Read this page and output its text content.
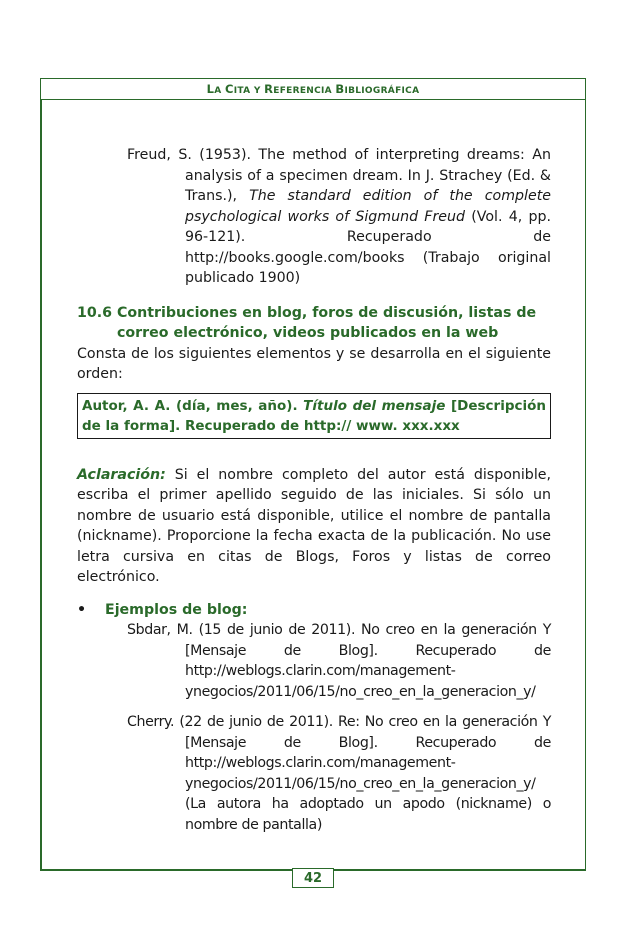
LA CITA Y REFERENCIA BIBLIOGRÁFICA

Freud, S. (1953). The method of interpreting dreams: An analysis of a specimen dream. In J. Strachey (Ed. & Trans.), The standard edition of the complete psychological works of Sigmund Freud (Vol. 4, pp. 96-121). Recuperado de http://books.google.com/books (Trabajo original publicado 1900)

10.6 Contribuciones en blog, foros de discusión, listas de correo electrónico, videos publicados en la web

Consta de los siguientes elementos y se desarrolla en el siguiente orden:

Autor, A. A. (día, mes, año). Título del mensaje [Descripción de la forma]. Recuperado de http:// www. xxx.xxx

Aclaración: Si el nombre completo del autor está disponible, escriba el primer apellido seguido de las iniciales. Si sólo un nombre de usuario está disponible, utilice el nombre de pantalla (nickname). Proporcione la fecha exacta de la publicación. No use letra cursiva en citas de Blogs, Foros y listas de correo electrónico.

•	Ejemplos de blog:

Sbdar, M. (15 de junio de 2011). No creo en la generación Y [Mensaje de Blog]. Recuperado de http://weblogs.clarin.com/management-ynegocios/2011/06/15/no_creo_en_la_generacion_y/

Cherry. (22 de junio de 2011). Re: No creo en la generación Y [Mensaje de Blog]. Recuperado de http://weblogs.clarin.com/management-ynegocios/2011/06/15/no_creo_en_la_generacion_y/ (La autora ha adoptado un apodo (nickname) o nombre de pantalla)

42
